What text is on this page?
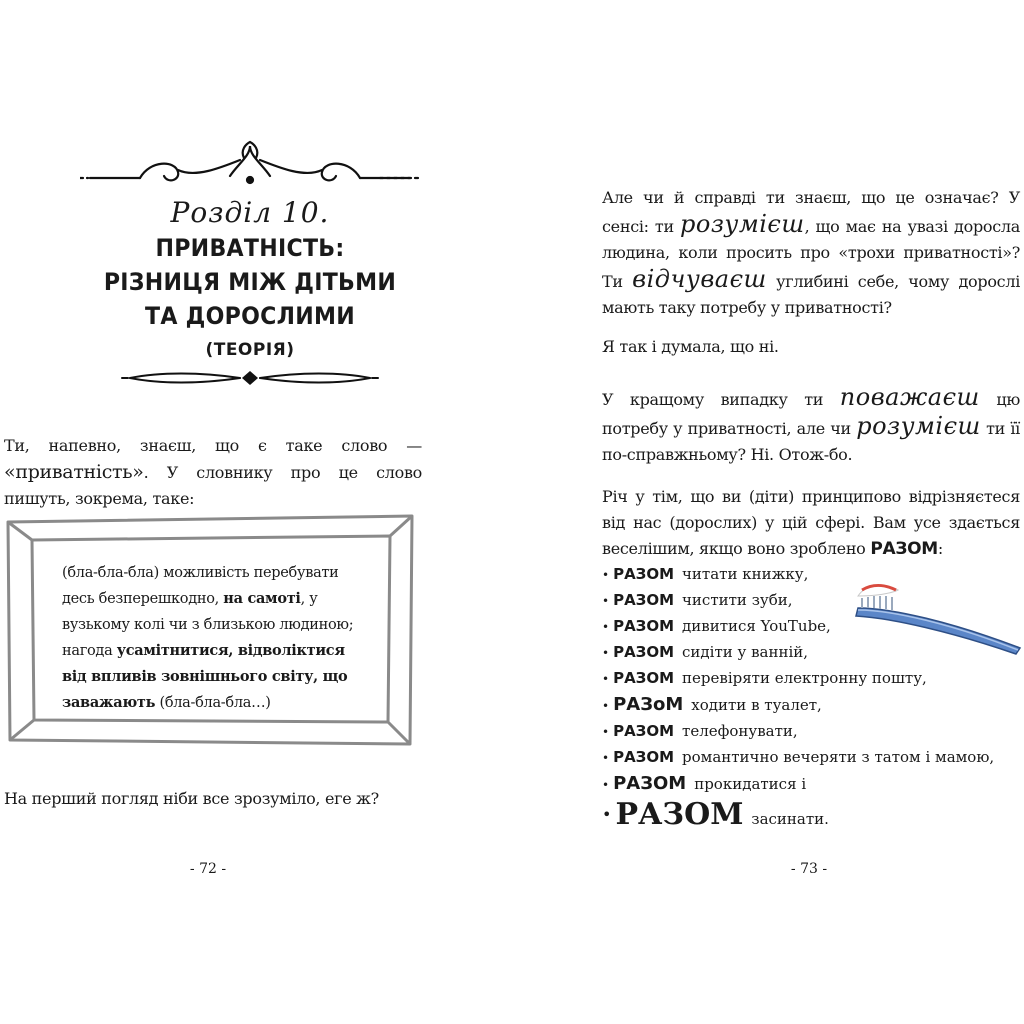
Розділ 10.
ПРИВАТНІСТЬ:
РІЗНИЦЯ МІЖ ДІТЬМИ
ТА ДОРОСЛИМИ
(ТЕОРІЯ)
Ти, напевно, знаєш, що є таке слово — «приватність». У словнику про це слово пишуть, зокрема, таке:
(бла-бла-бла) можливість перебувати десь безперешкодно, на самоті, у вузькому колі чи з близькою людиною; нагода усамітнитися, відволіктися від впливів зовнішнього світу, що заважають (бла-бла-бла…)
На перший погляд ніби все зрозуміло, еге ж?
- 72 -
Але чи й справді ти знаєш, що це означає? У сенсі: ти розумієш, що має на увазі доросла людина, коли просить про «трохи приватності»? Ти відчуваєш углибині себе, чому дорослі мають таку потребу у приватності?
Я так і думала, що ні.
У кращому випадку ти поважаєш цю потребу у приватності, але чи розумієш ти її по-справжньому? Ні. Отож-бо.
Річ у тім, що ви (діти) принципово відрізняєтеся від нас (дорослих) у цій сфері. Вам усе здається веселішим, якщо воно зроблено РАЗОМ:
• РАЗОМ читати книжку,
• РАЗОМ чистити зуби,
• РАЗОМ дивитися YouTube,
• РАЗОМ сидіти у ванній,
• РАЗОМ перевіряти електронну пошту,
• РАЗоМ ходити в туалет,
• РАЗОМ телефонувати,
• РАЗОМ романтично вечеряти з татом і мамою,
• РАЗОМ прокидатися і
• РАЗОМ засинати.
- 73 -
